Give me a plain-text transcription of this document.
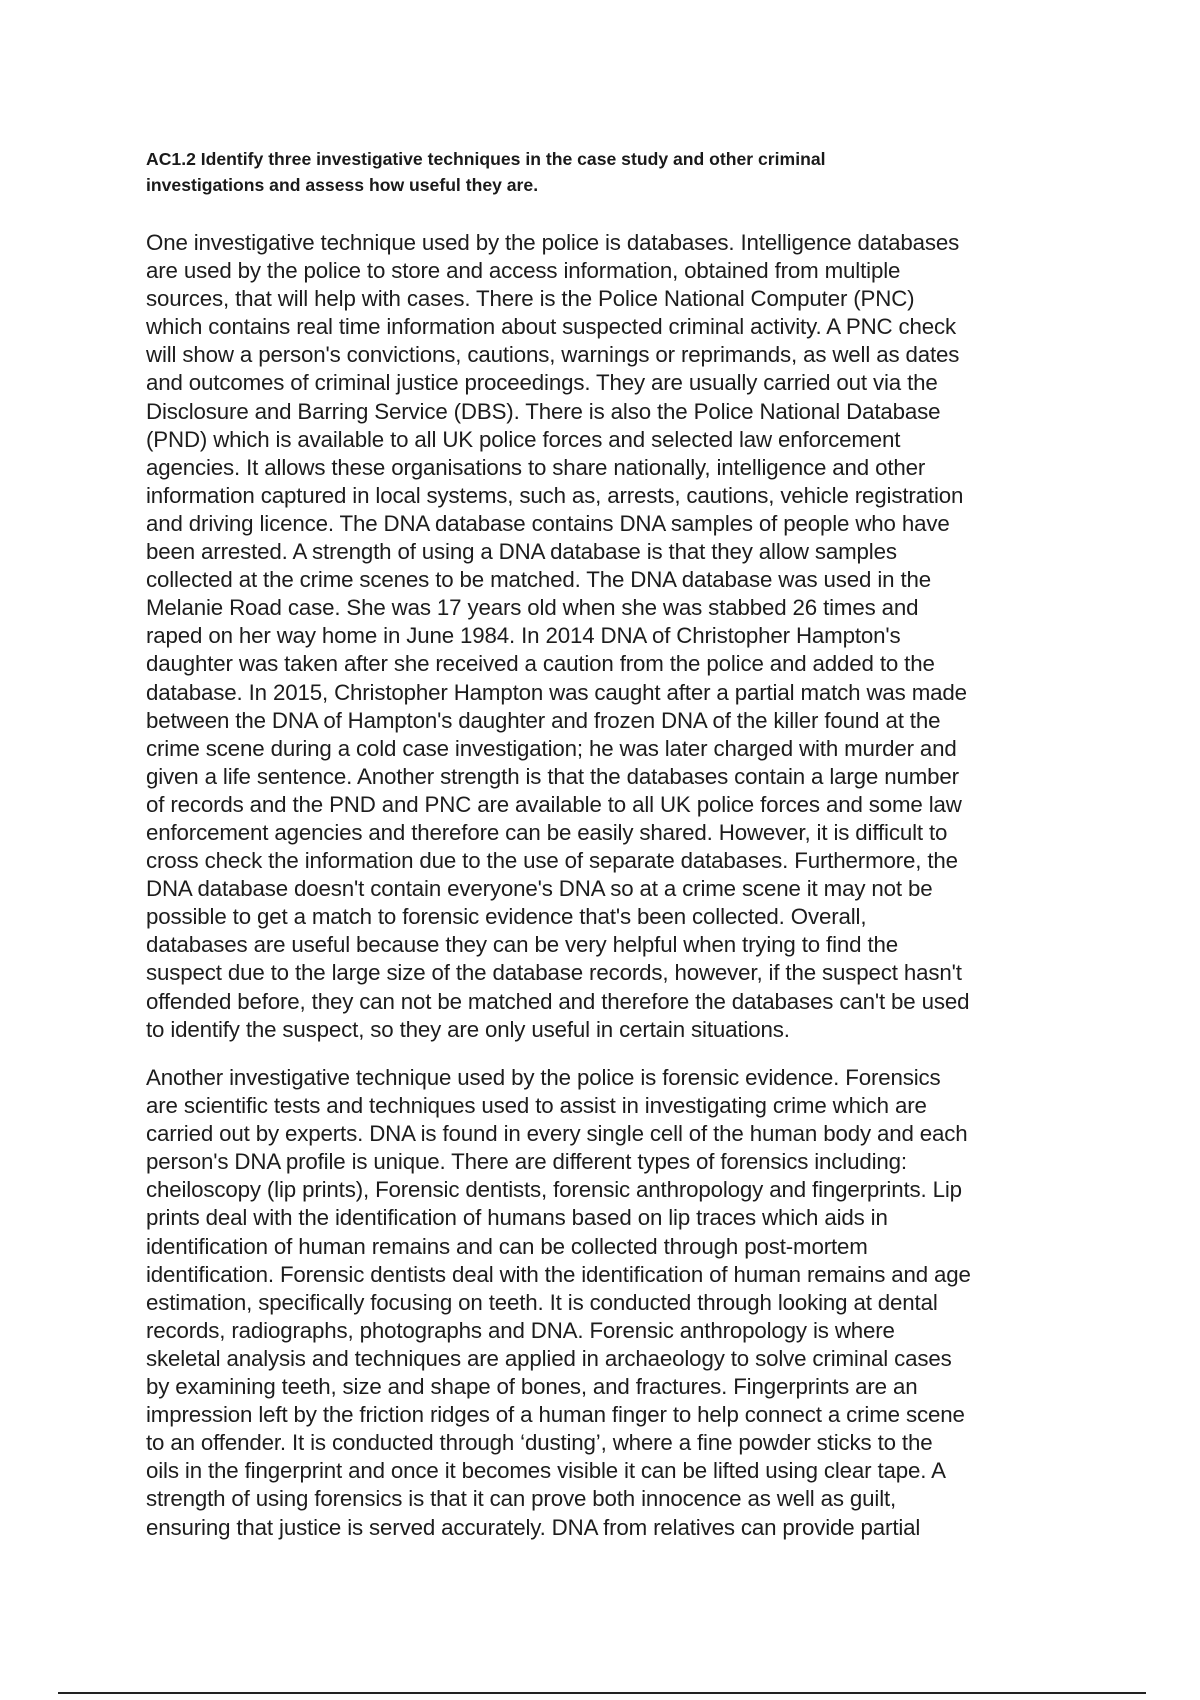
AC1.2 Identify three investigative techniques in the case study and other criminal
investigations and assess how useful they are.
One investigative technique used by the police is databases. Intelligence databases
are used by the police to store and access information, obtained from multiple
sources, that will help with cases. There is the Police National Computer (PNC)
which contains real time information about suspected criminal activity. A PNC check
will show a person's convictions, cautions, warnings or reprimands, as well as dates
and outcomes of criminal justice proceedings. They are usually carried out via the
Disclosure and Barring Service (DBS). There is also the Police National Database
(PND) which is available to all UK police forces and selected law enforcement
agencies. It allows these organisations to share nationally, intelligence and other
information captured in local systems, such as, arrests, cautions, vehicle registration
and driving licence. The DNA database contains DNA samples of people who have
been arrested. A strength of using a DNA database is that they allow samples
collected at the crime scenes to be matched. The DNA database was used in the
Melanie Road case. She was 17 years old when she was stabbed 26 times and
raped on her way home in June 1984. In 2014 DNA of Christopher Hampton's
daughter was taken after she received a caution from the police and added to the
database. In 2015, Christopher Hampton was caught after a partial match was made
between the DNA of Hampton's daughter and frozen DNA of the killer found at the
crime scene during a cold case investigation; he was later charged with murder and
given a life sentence. Another strength is that the databases contain a large number
of records and the PND and PNC are available to all UK police forces and some law
enforcement agencies and therefore can be easily shared. However, it is difficult to
cross check the information due to the use of separate databases. Furthermore, the
DNA database doesn't contain everyone's DNA so at a crime scene it may not be
possible to get a match to forensic evidence that's been collected. Overall,
databases are useful because they can be very helpful when trying to find the
suspect due to the large size of the database records, however, if the suspect hasn't
offended before, they can not be matched and therefore the databases can't be used
to identify the suspect, so they are only useful in certain situations.
Another investigative technique used by the police is forensic evidence. Forensics
are scientific tests and techniques used to assist in investigating crime which are
carried out by experts. DNA is found in every single cell of the human body and each
person's DNA profile is unique. There are different types of forensics including:
cheiloscopy (lip prints), Forensic dentists, forensic anthropology and fingerprints. Lip
prints deal with the identification of humans based on lip traces which aids in
identification of human remains and can be collected through post-mortem
identification. Forensic dentists deal with the identification of human remains and age
estimation, specifically focusing on teeth. It is conducted through looking at dental
records, radiographs, photographs and DNA. Forensic anthropology is where
skeletal analysis and techniques are applied in archaeology to solve criminal cases
by examining teeth, size and shape of bones, and fractures. Fingerprints are an
impression left by the friction ridges of a human finger to help connect a crime scene
to an offender. It is conducted through ‘dusting’, where a fine powder sticks to the
oils in the fingerprint and once it becomes visible it can be lifted using clear tape. A
strength of using forensics is that it can prove both innocence as well as guilt,
ensuring that justice is served accurately. DNA from relatives can provide partial
